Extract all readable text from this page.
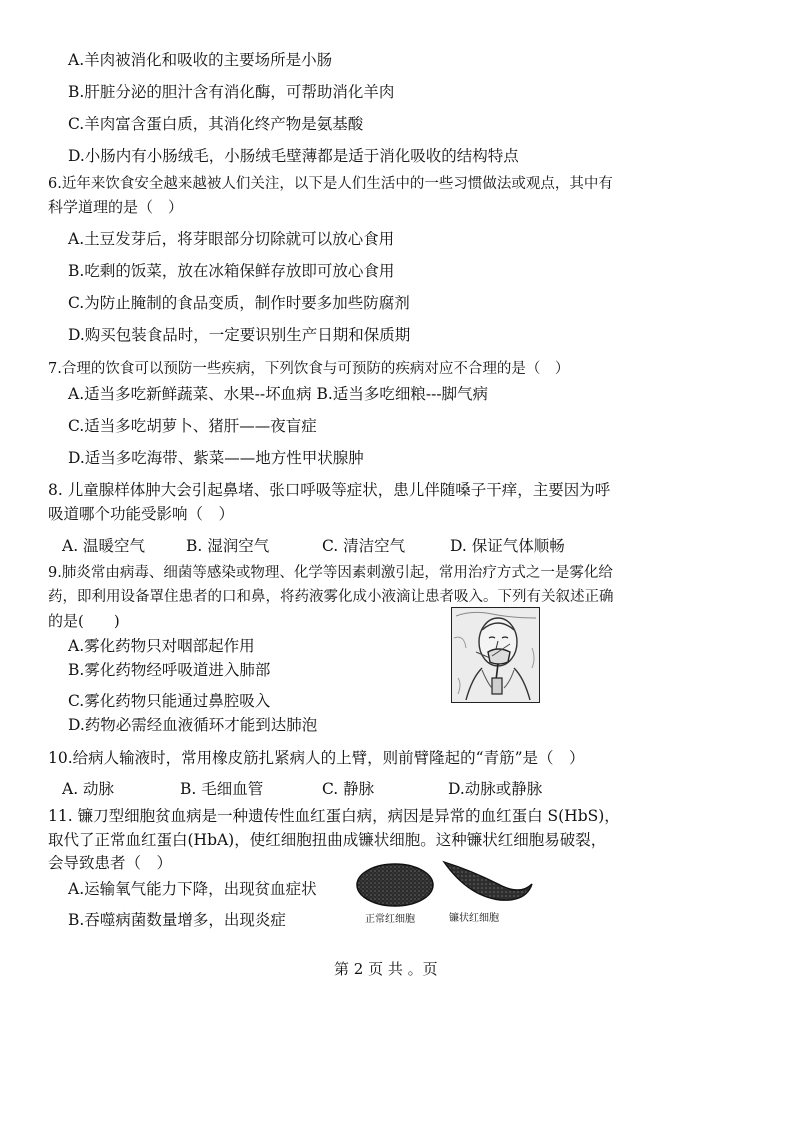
A.羊肉被消化和吸收的主要场所是小肠
B.肝脏分泌的胆汁含有消化酶，可帮助消化羊肉
C.羊肉富含蛋白质，其消化终产物是氨基酸
D.小肠内有小肠绒毛，小肠绒毛壁薄都是适于消化吸收的结构特点
6.近年来饮食安全越来越被人们关注，以下是人们生活中的一些习惯做法或观点，其中有
科学道理的是（　）
A.土豆发芽后，将芽眼部分切除就可以放心食用
B.吃剩的饭菜，放在冰箱保鲜存放即可放心食用
C.为防止腌制的食品变质，制作时要多加些防腐剂
D.购买包装食品时，一定要识别生产日期和保质期
7.合理的饮食可以预防一些疾病，下列饮食与可预防的疾病对应不合理的是（　）
A.适当多吃新鲜蔬菜、水果--坏血病 B.适当多吃细粮---脚气病
C.适当多吃胡萝卜、猪肝——夜盲症
D.适当多吃海带、紫菜——地方性甲状腺肿
8. 儿童腺样体肿大会引起鼻堵、张口呼吸等症状，患儿伴随嗓子干痒，主要因为呼
吸道哪个功能受影响（　）
A. 温暖空气	B. 湿润空气	C. 清洁空气	D. 保证气体顺畅
9.肺炎常由病毒、细菌等感染或物理、化学等因素刺激引起，常用治疗方式之一是雾化给
药，即利用设备罩住患者的口和鼻，将药液雾化成小液滴让患者吸入。下列有关叙述正确
的是(　　)
A.雾化药物只对咽部起作用
B.雾化药物经呼吸道进入肺部
C.雾化药物只能通过鼻腔吸入
D.药物必需经血液循环才能到达肺泡
10.给病人输液时，常用橡皮筋扎紧病人的上臂，则前臂隆起的“青筋”是（　）
A. 动脉	B. 毛细血管	C. 静脉	D.动脉或静脉
11. 镰刀型细胞贫血病是一种遗传性血红蛋白病，病因是异常的血红蛋白 S(HbS)，
取代了正常血红蛋白(HbA)，使红细胞扭曲成镰状细胞。这种镰状红细胞易破裂，
会导致患者（　）
A.运输氧气能力下降，出现贫血症状
B.吞噬病菌数量增多，出现炎症	正常红细胞	镰状红细胞
第 2 页 共 。页
